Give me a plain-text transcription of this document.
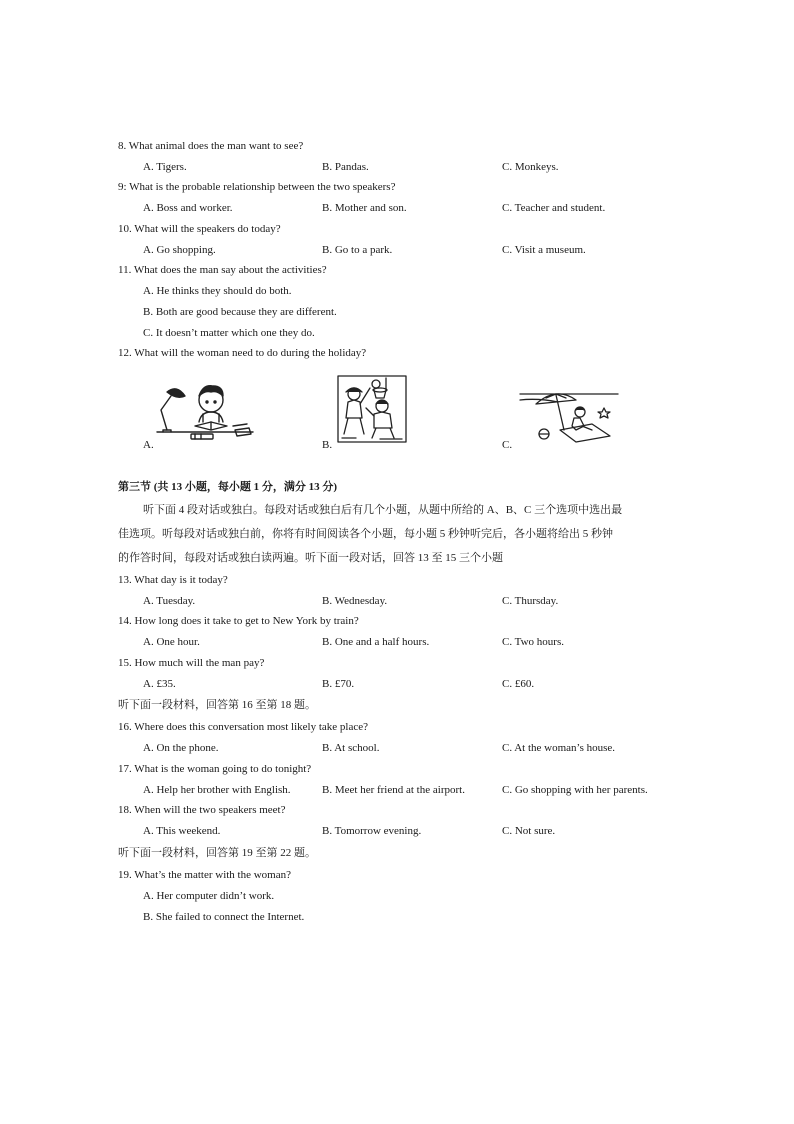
8. What animal does the man want to see?
A. Tigers.	B. Pandas.	C. Monkeys.
9: What is the probable relationship between the two speakers?
A. Boss and worker.	B. Mother and son.	C. Teacher and student.
10. What will the speakers do today?
A. Go shopping.	B. Go to a park.	C. Visit a museum.
11. What does the man say about the activities?
A. He thinks they should do both.
B. Both are good because they are different.
C. It doesn’t matter which one they do.
12. What will the woman need to do during the holiday?
A.	B.	C.
第三节 (共 13 小题，每小题 1 分，满分 13 分)
听下面 4 段对话或独白。每段对话或独白后有几个小题，从题中所给的 A、B、C 三个选项中选出最
佳选项。听每段对话或独白前，你将有时间阅读各个小题，每小题 5 秒钟听完后，各小题将给出 5 秒钟
的作答时间，每段对话或独白读两遍。听下面一段对话，回答 13 至 15 三个小题
13. What day is it today?
A. Tuesday.	B. Wednesday.	C. Thursday.
14. How long does it take to get to New York by train?
A. One hour.	B. One and a half hours.	C. Two hours.
15. How much will the man pay?
A. £35.	B. £70.	C. £60.
听下面一段材料，回答第 16 至第 18 题。
16. Where does this conversation most likely take place?
A. On the phone.	B. At school.	C. At the woman’s house.
17. What is the woman going to do tonight?
A. Help her brother with English.	B. Meet her friend at the airport.	C. Go shopping with her parents.
18. When will the two speakers meet?
A. This weekend.	B. Tomorrow evening.	C. Not sure.
听下面一段材料，回答第 19 至第 22 题。
19. What’s the matter with the woman?
A. Her computer didn’t work.
B. She failed to connect the Internet.
